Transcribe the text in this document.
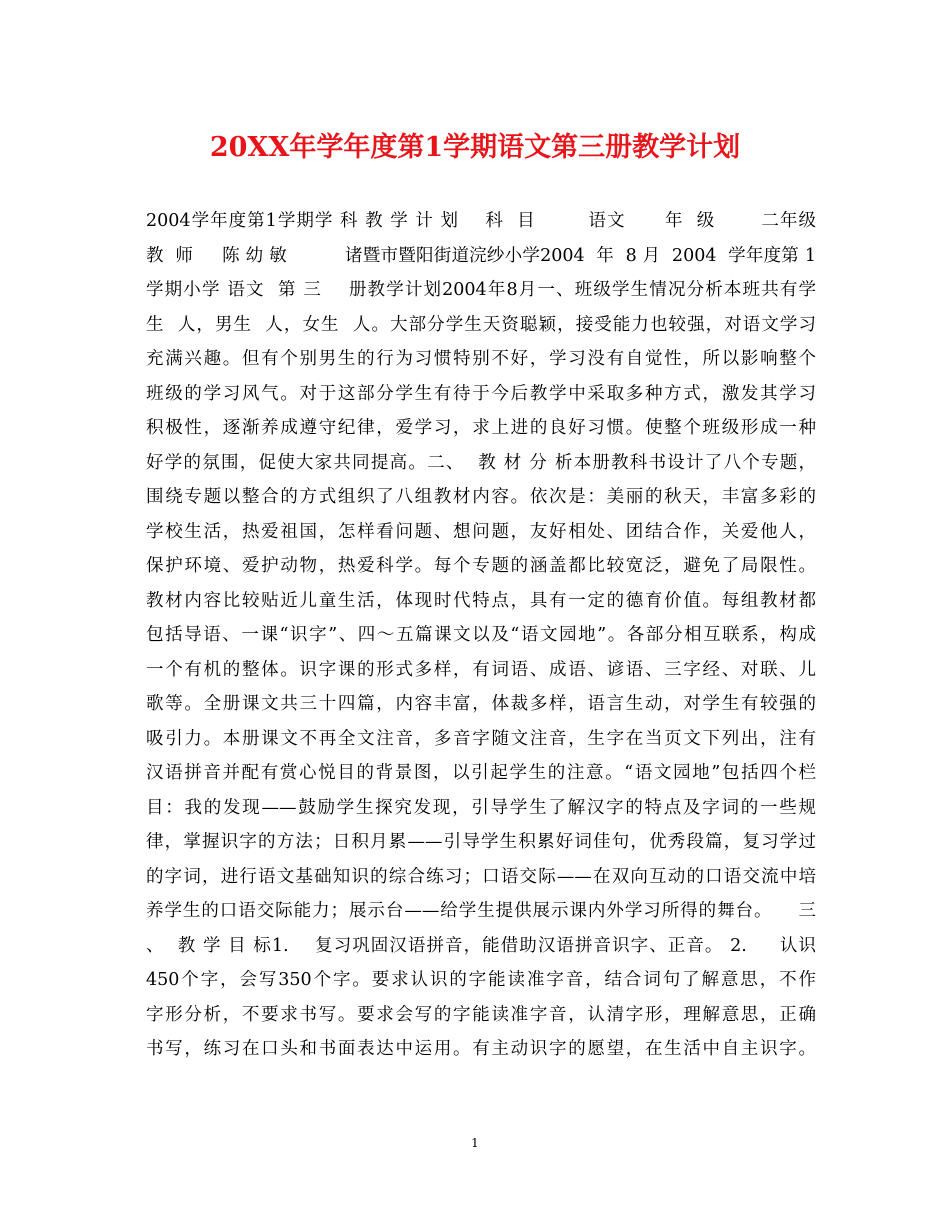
20XX年学年度第1学期语文第三册教学计划
2004学年度第1学期学 科 教 学 计 划    科  目        语文      年  级       二年级
教  师     陈 幼 敏          诸暨市暨阳街道浣纱小学2004  年  8 月  2004  学年度第 1
学期小学 语文  第 三    册教学计划2004年8月一、班级学生情况分析本班共有学
生  人，男生  人，女生  人。大部分学生天资聪颖，接受能力也较强，对语文学习
充满兴趣。但有个别男生的行为习惯特别不好，学习没有自觉性，所以影响整个
班级的学习风气。对于这部分学生有待于今后教学中采取多种方式，激发其学习
积极性，逐渐养成遵守纪律，爱学习，求上进的良好习惯。使整个班级形成一种
好学的氛围，促使大家共同提高。二、  教 材 分 析本册教科书设计了八个专题，
围绕专题以整合的方式组织了八组教材内容。依次是：美丽的秋天，丰富多彩的
学校生活，热爱祖国，怎样看问题、想问题，友好相处、团结合作，关爱他人，
保护环境、爱护动物，热爱科学。每个专题的涵盖都比较宽泛，避免了局限性。
教材内容比较贴近儿童生活，体现时代特点，具有一定的德育价值。每组教材都
包括导语、一课“识字”、四～五篇课文以及“语文园地”。各部分相互联系，构成
一个有机的整体。识字课的形式多样，有词语、成语、谚语、三字经、对联、儿
歌等。全册课文共三十四篇，内容丰富，体裁多样，语言生动，对学生有较强的
吸引力。本册课文不再全文注音，多音字随文注音，生字在当页文下列出，注有
汉语拼音并配有赏心悦目的背景图，以引起学生的注意。“语文园地”包括四个栏
目：我的发现——鼓励学生探究发现，引导学生了解汉字的特点及字词的一些规
律，掌握识字的方法；日积月累——引导学生积累好词佳句，优秀段篇，复习学过
的字词，进行语文基础知识的综合练习；口语交际——在双向互动的口语交流中培
养学生的口语交际能力；展示台——给学生提供展示课内外学习所得的舞台。    三
、  教 学 目 标1.    复习巩固汉语拼音，能借助汉语拼音识字、正音。 2.     认识
450个字，会写350个字。要求认识的字能读准字音，结合词句了解意思，不作
字形分析，不要求书写。要求会写的字能读准字音，认清字形，理解意思，正确
书写，练习在口头和书面表达中运用。有主动识字的愿望，在生活中自主识字。
1
